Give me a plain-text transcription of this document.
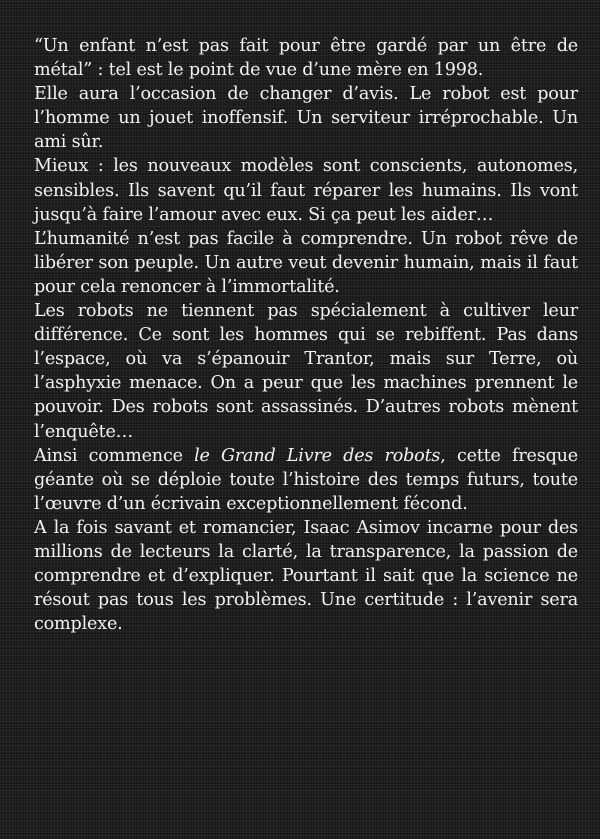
“Un enfant n’est pas fait pour être gardé par un être de métal” : tel est le point de vue d’une mère en 1998.

Elle aura l’occasion de changer d’avis. Le robot est pour l’homme un jouet inoffensif. Un serviteur irréprochable. Un ami sûr.

Mieux : les nouveaux modèles sont conscients, autonomes, sensibles. Ils savent qu’il faut réparer les humains. Ils vont jusqu’à faire l’amour avec eux. Si ça peut les aider…

L’humanité n’est pas facile à comprendre. Un robot rêve de libérer son peuple. Un autre veut devenir humain, mais il faut pour cela renoncer à l’immortalité.

Les robots ne tiennent pas spécialement à cultiver leur différence. Ce sont les hommes qui se rebiffent. Pas dans l’espace, où va s’épanouir Trantor, mais sur Terre, où l’asphyxie menace. On a peur que les machines prennent le pouvoir. Des robots sont assassinés. D’autres robots mènent l’enquête…

Ainsi commence le Grand Livre des robots, cette fresque géante où se déploie toute l’histoire des temps futurs, toute l’œuvre d’un écrivain exceptionnellement fécond.

A la fois savant et romancier, Isaac Asimov incarne pour des millions de lecteurs la clarté, la transparence, la passion de comprendre et d’expliquer. Pourtant il sait que la science ne résout pas tous les problèmes. Une certitude : l’avenir sera complexe.
